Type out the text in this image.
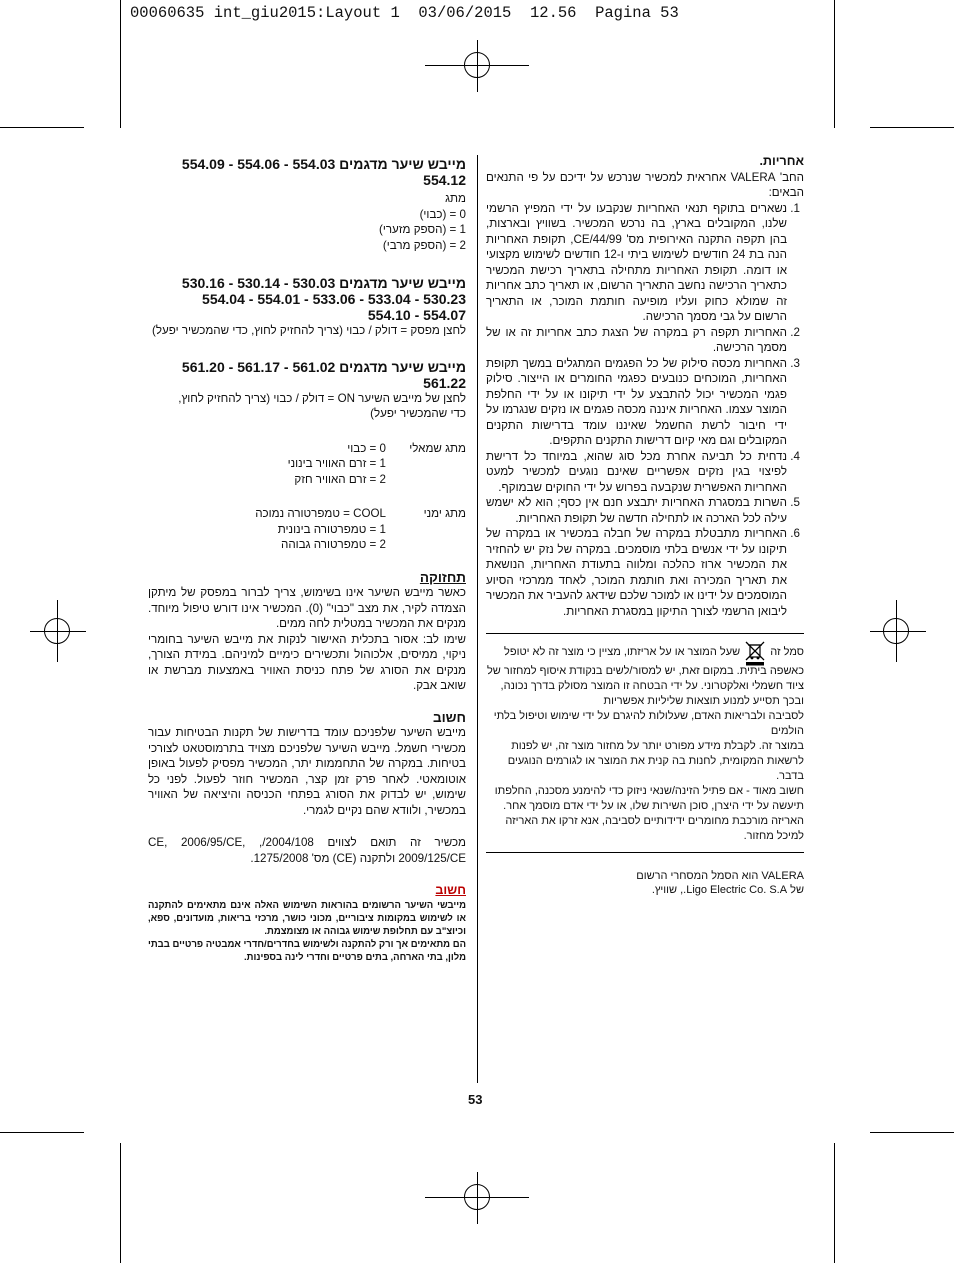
00060635 int_giu2015:Layout 1  03/06/2015  12.56  Pagina 53

מייבש שיער מדגמים 554.03 - 554.06 - 554.09

554.12

מתג

0 = (כבוי)

1 = (הספק מזערי)

2 = (הספק מרבי)

מייבש שיער מדגמים 530.03 - 530.14 - 530.16

530.23 - 533.04 - 533.06 - 554.01 - 554.04

554.07 - 554.10

לחצן מפסק = דולק / כבוי (צריך להחזיק לחוץ, כדי שהמכשיר יפעל)

מייבש שיער מדגמים 561.02 - 561.17 - 561.20

561.22

לחצן של מייבש השיער ON = דולק / כבוי (צריך להחזיק לחוץ, כדי שהמכשיר יפעל)

מתג שמאלי
0 = כבוי
1 = זרם האוויר בינוני
2 = זרם האוויר חזק
מתג ימני
COOL = טמפרטורה נמוכה
1 = טמפרטורה בינונית
2 = טמפרטורה גבוהה

תחזוקה

כאשר מייבש השיער אינו בשימוש, צריך לברור במפסק של מיתקן הצמדה לקיר, את מצב "כבוי" (0). המכשיר אינו דורש טיפול מיוחד. מנקים את המכשיר במטלית לחה ממים.

שימו לב: אסור בתכלית האישור לנקות את מייבש השיער בחומרי ניקוי, ממיסים, אלכוהול ותכשירים כימיים למיניהם. במידת הצורך, מנקים את הסורג של פתח כניסת האוויר באמצעות מברשת או שואב אבק.

חשוב

מייבש השיער שלפניכם עומד בדרישות של תקנות הבטיחות עבור מכשירי חשמל. מייבש השיער שלפניכם מצויד בתרמוסטאט לצורכי בטיחות. במקרה של התחממות יתר, המכשיר מפסיק לפעול באופן אוטומאטי. לאחר פרק זמן קצר, המכשיר חוזר לפעול. לפני כל שימוש, יש לבדוק את הסורג בפתחי הכניסה והיציאה של האוויר במכשיר, ולוודא שהם נקיים לגמרי.

מכשיר זה תואם לצווים 2004/108/, CE, 2006/95/CE, 2009/125/CE ולתקנה (CE) מס' 1275/2008.

חשוב

מייבשי השיער הרשומים בהוראות השימוש האלה אינם מתאימים להתקנה או לשימוש במקומות ציבוריים, מכוני כושר, מרכזי בריאות, מועדונים, ספא, וכיוצ"ב עם תחלופת שימוש גבוהה או מצומצמת.

הם מתאימים אך ורק להתקנה ולשימוש בחדרים/חדרי אמבטיה פרטיים בבתי מלון, בתי הארחה, בתים פרטיים וחדרי לינה בספינות.

אחריות.

החב' VALERA אחראית למכשיר שנרכש על ידיכם על פי התנאים הבאים:

1. נשארים בתוקף תנאי האחריות שנקבעו על ידי המפיץ הרשמי שלנו, המקובלים בארץ, בה נרכש המכשיר. בשוויץ ובארצות, בהן תקפה התקנה האירופית מס' 44/99/CE, תקופת האחריות הנה בת 24 חודשים לשימוש ביתי ו-12 חודשים לשימוש מקצועי או דומה. תקופת האחריות מתחילה בתאריך רכישת המכשיר כתאריך הרכישה נחשב התאריך הרשום, או תאריך כתב אחריות זה שמולא כחוק ועליו מופיעה חותמת המוכר, או התאריך הרשום על גבי מסמך הרכישה.
2. האחריות תקפה רק במקרה של הצגת כתב אחריות זה או של מסמך הרכישה.
3. האחריות מכסה סילוק של כל הפגמים המתגלים במשך תקופת האחריות, המוכחים כנובעים כפגמי החומרים או הייצור. סילוק פגמי המכשיר יכול להתבצע על ידי תיקונו או על ידי החלפת המוצר עצמו. האחריות איננה מכסה פגמים או נזקים שנגרמו על ידי חיבור לרשת החשמל שאיננו עומד בדרישות התקנים המקובלים וגם מאי קיום דרישות התקנים התקפים.
4. נדחית כל תביעה אחרת מכל סוג שהוא, במיוחד כל דרישת לפיצוי בגין נזקים אפשריים שאינם נוגעים למכשיר למעט האחריות האפשרית שנקבעה בפרוש על ידי החוקים שבמוקף.
5. השרות במסגרת האחריות יתבצע חנם אין כסף; הוא לא ישמש עילה לכל הארכה או לתחילה חדשה של תקופת האחריות.
6. האחריות מתבטלת במקרה של חבלה במכשיר או במקרה של תיקונו על ידי אנשים בלתי מוסמכים. במקרה של נזק יש להחזיר את המכשיר ארוז כהלכה ומלווה בתעודת האחריות, הנושאת את תאריך המכירה ואת חותמת המוכר, לאחד ממרכזי הסיוע המוסמכים על ידינו או למוכר שלכם שידאג להעביר את המכשיר ליבואן הרשמי לצורך התיקון במסגרת האחריות.

סמל זה  שעל המוצר או על אריזתו, מציין כי מוצר זה לא יטופל כאשפה ביתית. במקום זאת, יש למסור/לשים בנקודת איסוף למחזור של ציוד חשמלי ואלקטרוני. על ידי הבטחה זו המוצר מסולק בדרך נכונה, ובכך תסייע למנוע תוצאות שליליות אפשריות

לסביבה ולבריאות האדם, שעלולות להיגרם על ידי שימוש וטיפול בלתי הולמים

במוצר זה. לקבלת מידע מפורט יותר על מחזור מוצר זה, יש לפנות לרשאות המקומית, לחנות בה קנית את המוצר או לגורמים הנוגעים בדבר.

חשוב מאוד - אם פתיל הזינה/שנאי ניזוק כדי להימנע מסכנה, החלפתו תיעשה על ידי היצרן, סוכן השירות שלו, או על ידי אדם מוסמך אחר.

האריזה מורכבת מחומרים ידידותיים לסביבה, אנא זרקו את האריזה למיכל מחזור.

VALERA הוא הסמל המסחרי הרשום

של Ligo Electric Co. S.A., שוויץ.

53
